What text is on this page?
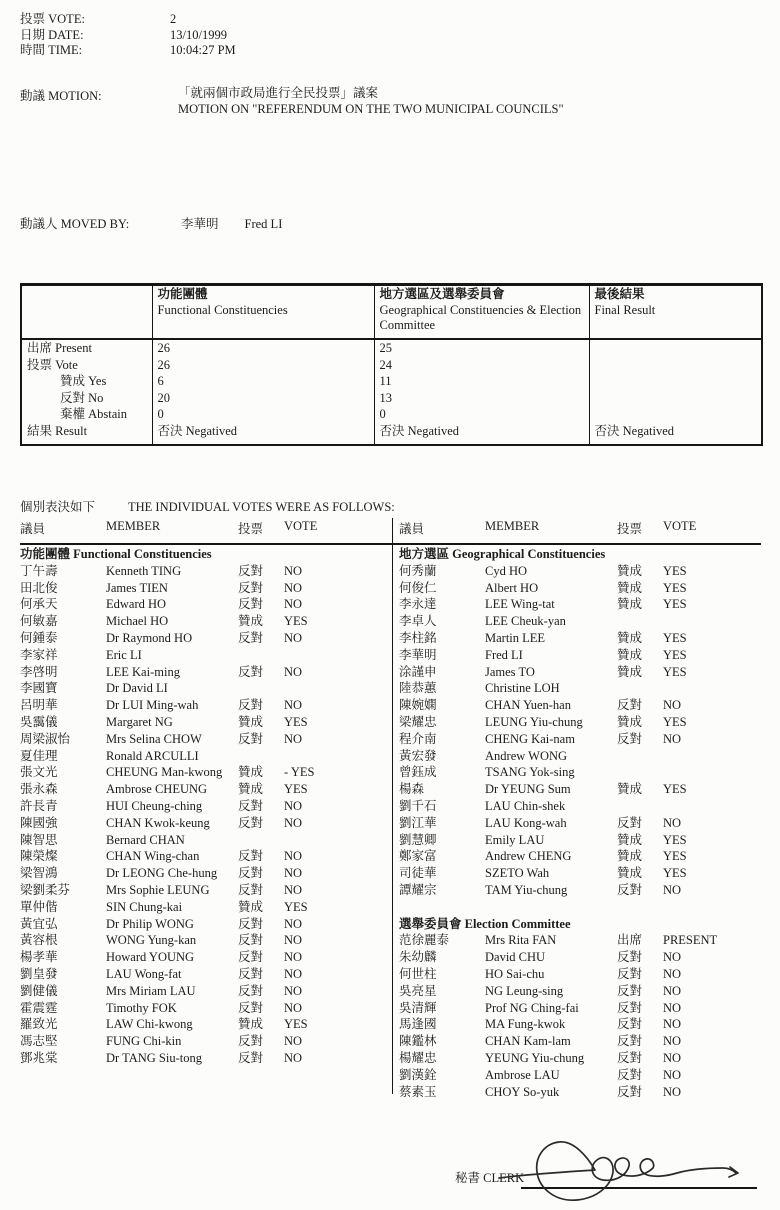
投票 VOTE:	2
日期 DATE:	13/10/1999
時間 TIME:	10:04:27 PM
動議 MOTION:	「就兩個市政局進行全民投票」議案
MOTION ON "REFERENDUM ON THE TWO MUNICIPAL COUNCILS"
動議人 MOVED BY:	李華明 Fred LI

功能團體
Functional Constituencies

地方選區及選舉委員會
Geographical Constituencies & Election Committee

最後結果
Final Result

出席 Present	26	25	
投票 Vote	26	24	
贊成 Yes	6	11	
反對 No	20	13	
棄權 Abstain	0	0	
結果 Result	否決 Negatived	否決 Negatived	否決 Negatived
個別表決如下	THE INDIVIDUAL VOTES WERE AS FOLLOWS:
議員	MEMBER	投票	VOTE
功能團體 Functional Constituencies
丁午壽	Kenneth TING	反對	NO
田北俊	James TIEN	反對	NO
何承天	Edward HO	反對	NO
何敏嘉	Michael HO	贊成	YES
何鍾泰	Dr Raymond HO	反對	NO
李家祥	Eric LI
李啓明	LEE Kai-ming	反對	NO
李國寶	Dr David LI
呂明華	Dr LUI Ming-wah	反對	NO
吳靄儀	Margaret NG	贊成	YES
周梁淑怡	Mrs Selina CHOW	反對	NO
夏佳理	Ronald ARCULLI
張文光	CHEUNG Man-kwong	贊成	- YES
張永森	Ambrose CHEUNG	贊成	YES
許長青	HUI Cheung-ching	反對	NO
陳國強	CHAN Kwok-keung	反對	NO
陳智思	Bernard CHAN
陳榮燦	CHAN Wing-chan	反對	NO
梁智鴻	Dr LEONG Che-hung	反對	NO
梁劉柔芬	Mrs Sophie LEUNG	反對	NO
單仲偕	SIN Chung-kai	贊成	YES
黃宜弘	Dr Philip WONG	反對	NO
黃容根	WONG Yung-kan	反對	NO
楊孝華	Howard YOUNG	反對	NO
劉皇發	LAU Wong-fat	反對	NO
劉健儀	Mrs Miriam LAU	反對	NO
霍震霆	Timothy FOK	反對	NO
羅致光	LAW Chi-kwong	贊成	YES
馮志堅	FUNG Chi-kin	反對	NO
鄧兆棠	Dr TANG Siu-tong	反對	NO
議員	MEMBER	投票	VOTE
地方選區 Geographical Constituencies
何秀蘭	Cyd HO	贊成	YES
何俊仁	Albert HO	贊成	YES
李永達	LEE Wing-tat	贊成	YES
李卓人	LEE Cheuk-yan
李柱銘	Martin LEE	贊成	YES
李華明	Fred LI	贊成	YES
涂謹申	James TO	贊成	YES
陸恭蕙	Christine LOH
陳婉嫻	CHAN Yuen-han	反對	NO
梁耀忠	LEUNG Yiu-chung	贊成	YES
程介南	CHENG Kai-nam	反對	NO
黃宏發	Andrew WONG
曾鈺成	TSANG Yok-sing
楊森	Dr YEUNG Sum	贊成	YES
劉千石	LAU Chin-shek
劉江華	LAU Kong-wah	反對	NO
劉慧卿	Emily LAU	贊成	YES
鄭家富	Andrew CHENG	贊成	YES
司徒華	SZETO Wah	贊成	YES
譚耀宗	TAM Yiu-chung	反對	NO
選舉委員會 Election Committee
范徐麗泰	Mrs Rita FAN	出席	PRESENT
朱幼麟	David CHU	反對	NO
何世柱	HO Sai-chu	反對	NO
吳亮星	NG Leung-sing	反對	NO
吳清輝	Prof NG Ching-fai	反對	NO
馬逢國	MA Fung-kwok	反對	NO
陳鑑林	CHAN Kam-lam	反對	NO
楊耀忠	YEUNG Yiu-chung	反對	NO
劉漢銓	Ambrose LAU	反對	NO
蔡素玉	CHOY So-yuk	反對	NO
秘書 CLERK
